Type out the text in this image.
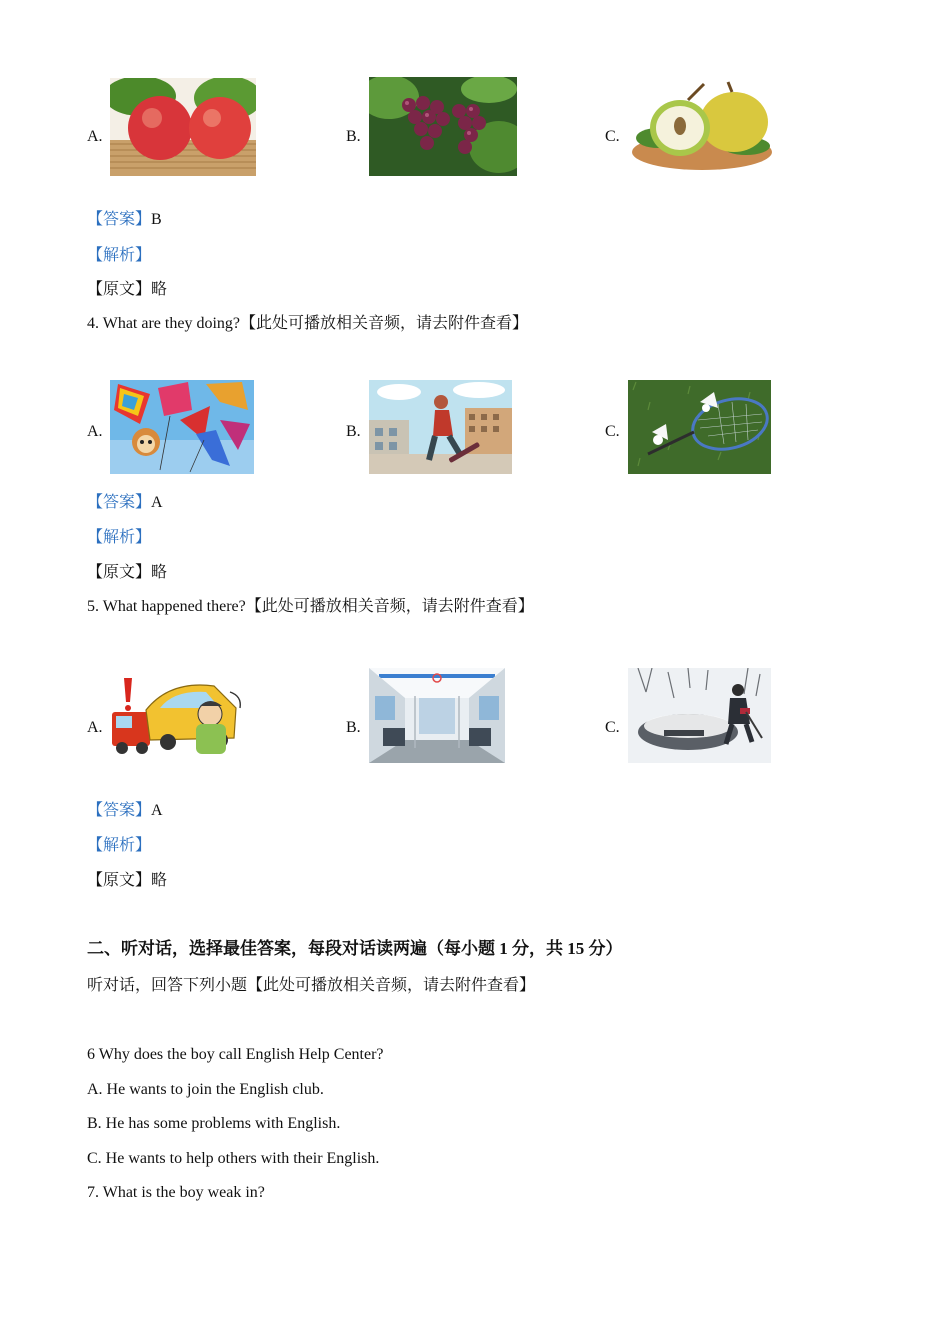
A.	B.	C.
【答案】B
【解析】
【原文】略
4. What are they doing?【此处可播放相关音频，请去附件查看】
A.	B.	C.
【答案】A
【解析】
【原文】略
5. What happened there?【此处可播放相关音频，请去附件查看】
A.	B.	C.
【答案】A
【解析】
【原文】略
二、听对话，选择最佳答案，每段对话读两遍（每小题 1 分，共 15 分）
听对话，回答下列小题【此处可播放相关音频，请去附件查看】
6 Why does the boy call English Help Center?
A. He wants to join the English club.
B. He has some problems with English.
C. He wants to help others with their English.
7. What is the boy weak in?
